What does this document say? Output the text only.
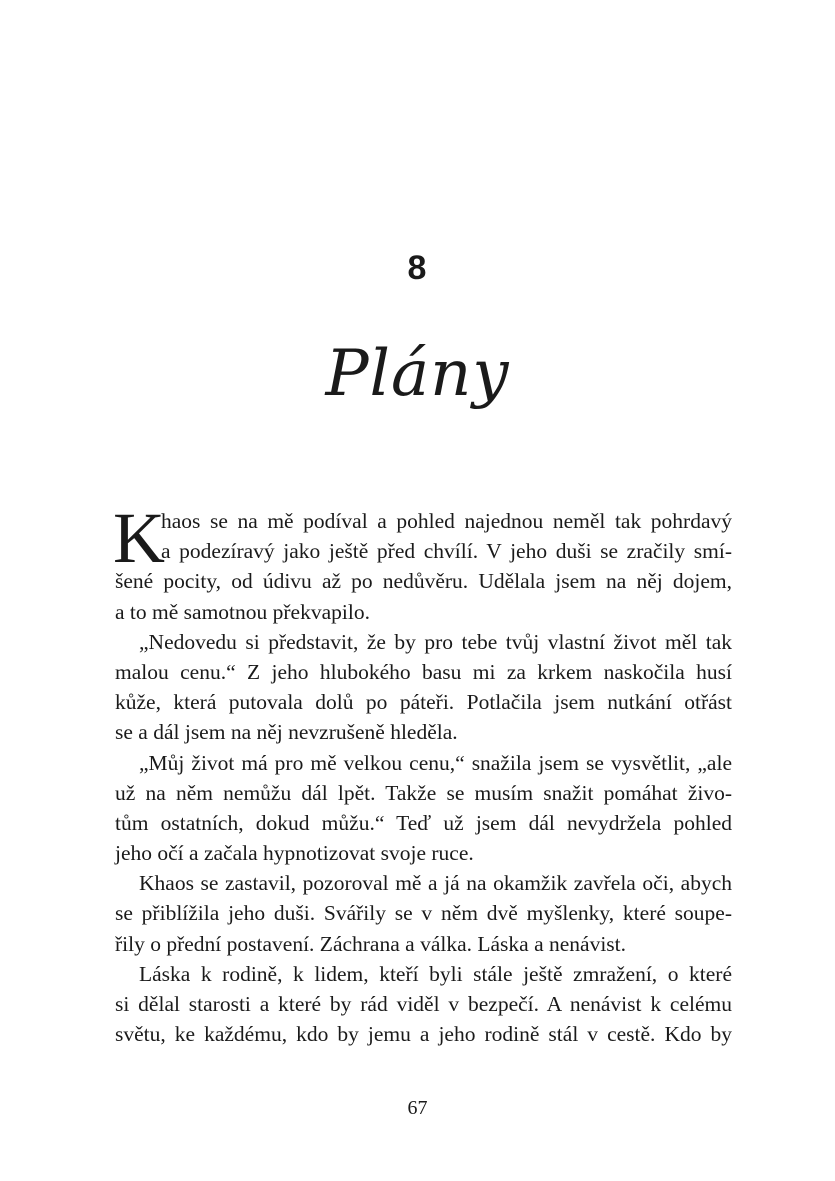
8
Plány
K
haos se na mě podíval a pohled najednou neměl tak pohrdavý
a podezíravý jako ještě před chvílí. V jeho duši se zračily smí-
šené pocity, od údivu až po nedůvěru. Udělala jsem na něj dojem,
a to mě samotnou překvapilo.
„Nedovedu si představit, že by pro tebe tvůj vlastní život měl tak
malou cenu.“ Z jeho hlubokého basu mi za krkem naskočila husí
kůže, která putovala dolů po páteři. Potlačila jsem nutkání otřást
se a dál jsem na něj nevzrušeně hleděla.
„Můj život má pro mě velkou cenu,“ snažila jsem se vysvětlit, „ale
už na něm nemůžu dál lpět. Takže se musím snažit pomáhat živo-
tům ostatních, dokud můžu.“ Teď už jsem dál nevydržela pohled
jeho očí a začala hypnotizovat svoje ruce.
Khaos se zastavil, pozoroval mě a já na okamžik zavřela oči, abych
se přiblížila jeho duši. Svářily se v něm dvě myšlenky, které soupe-
řily o přední postavení. Záchrana a válka. Láska a nenávist.
Láska k rodině, k lidem, kteří byli stále ještě zmražení, o které
si dělal starosti a které by rád viděl v bezpečí. A nenávist k celému
světu, ke každému, kdo by jemu a jeho rodině stál v cestě. Kdo by
67
